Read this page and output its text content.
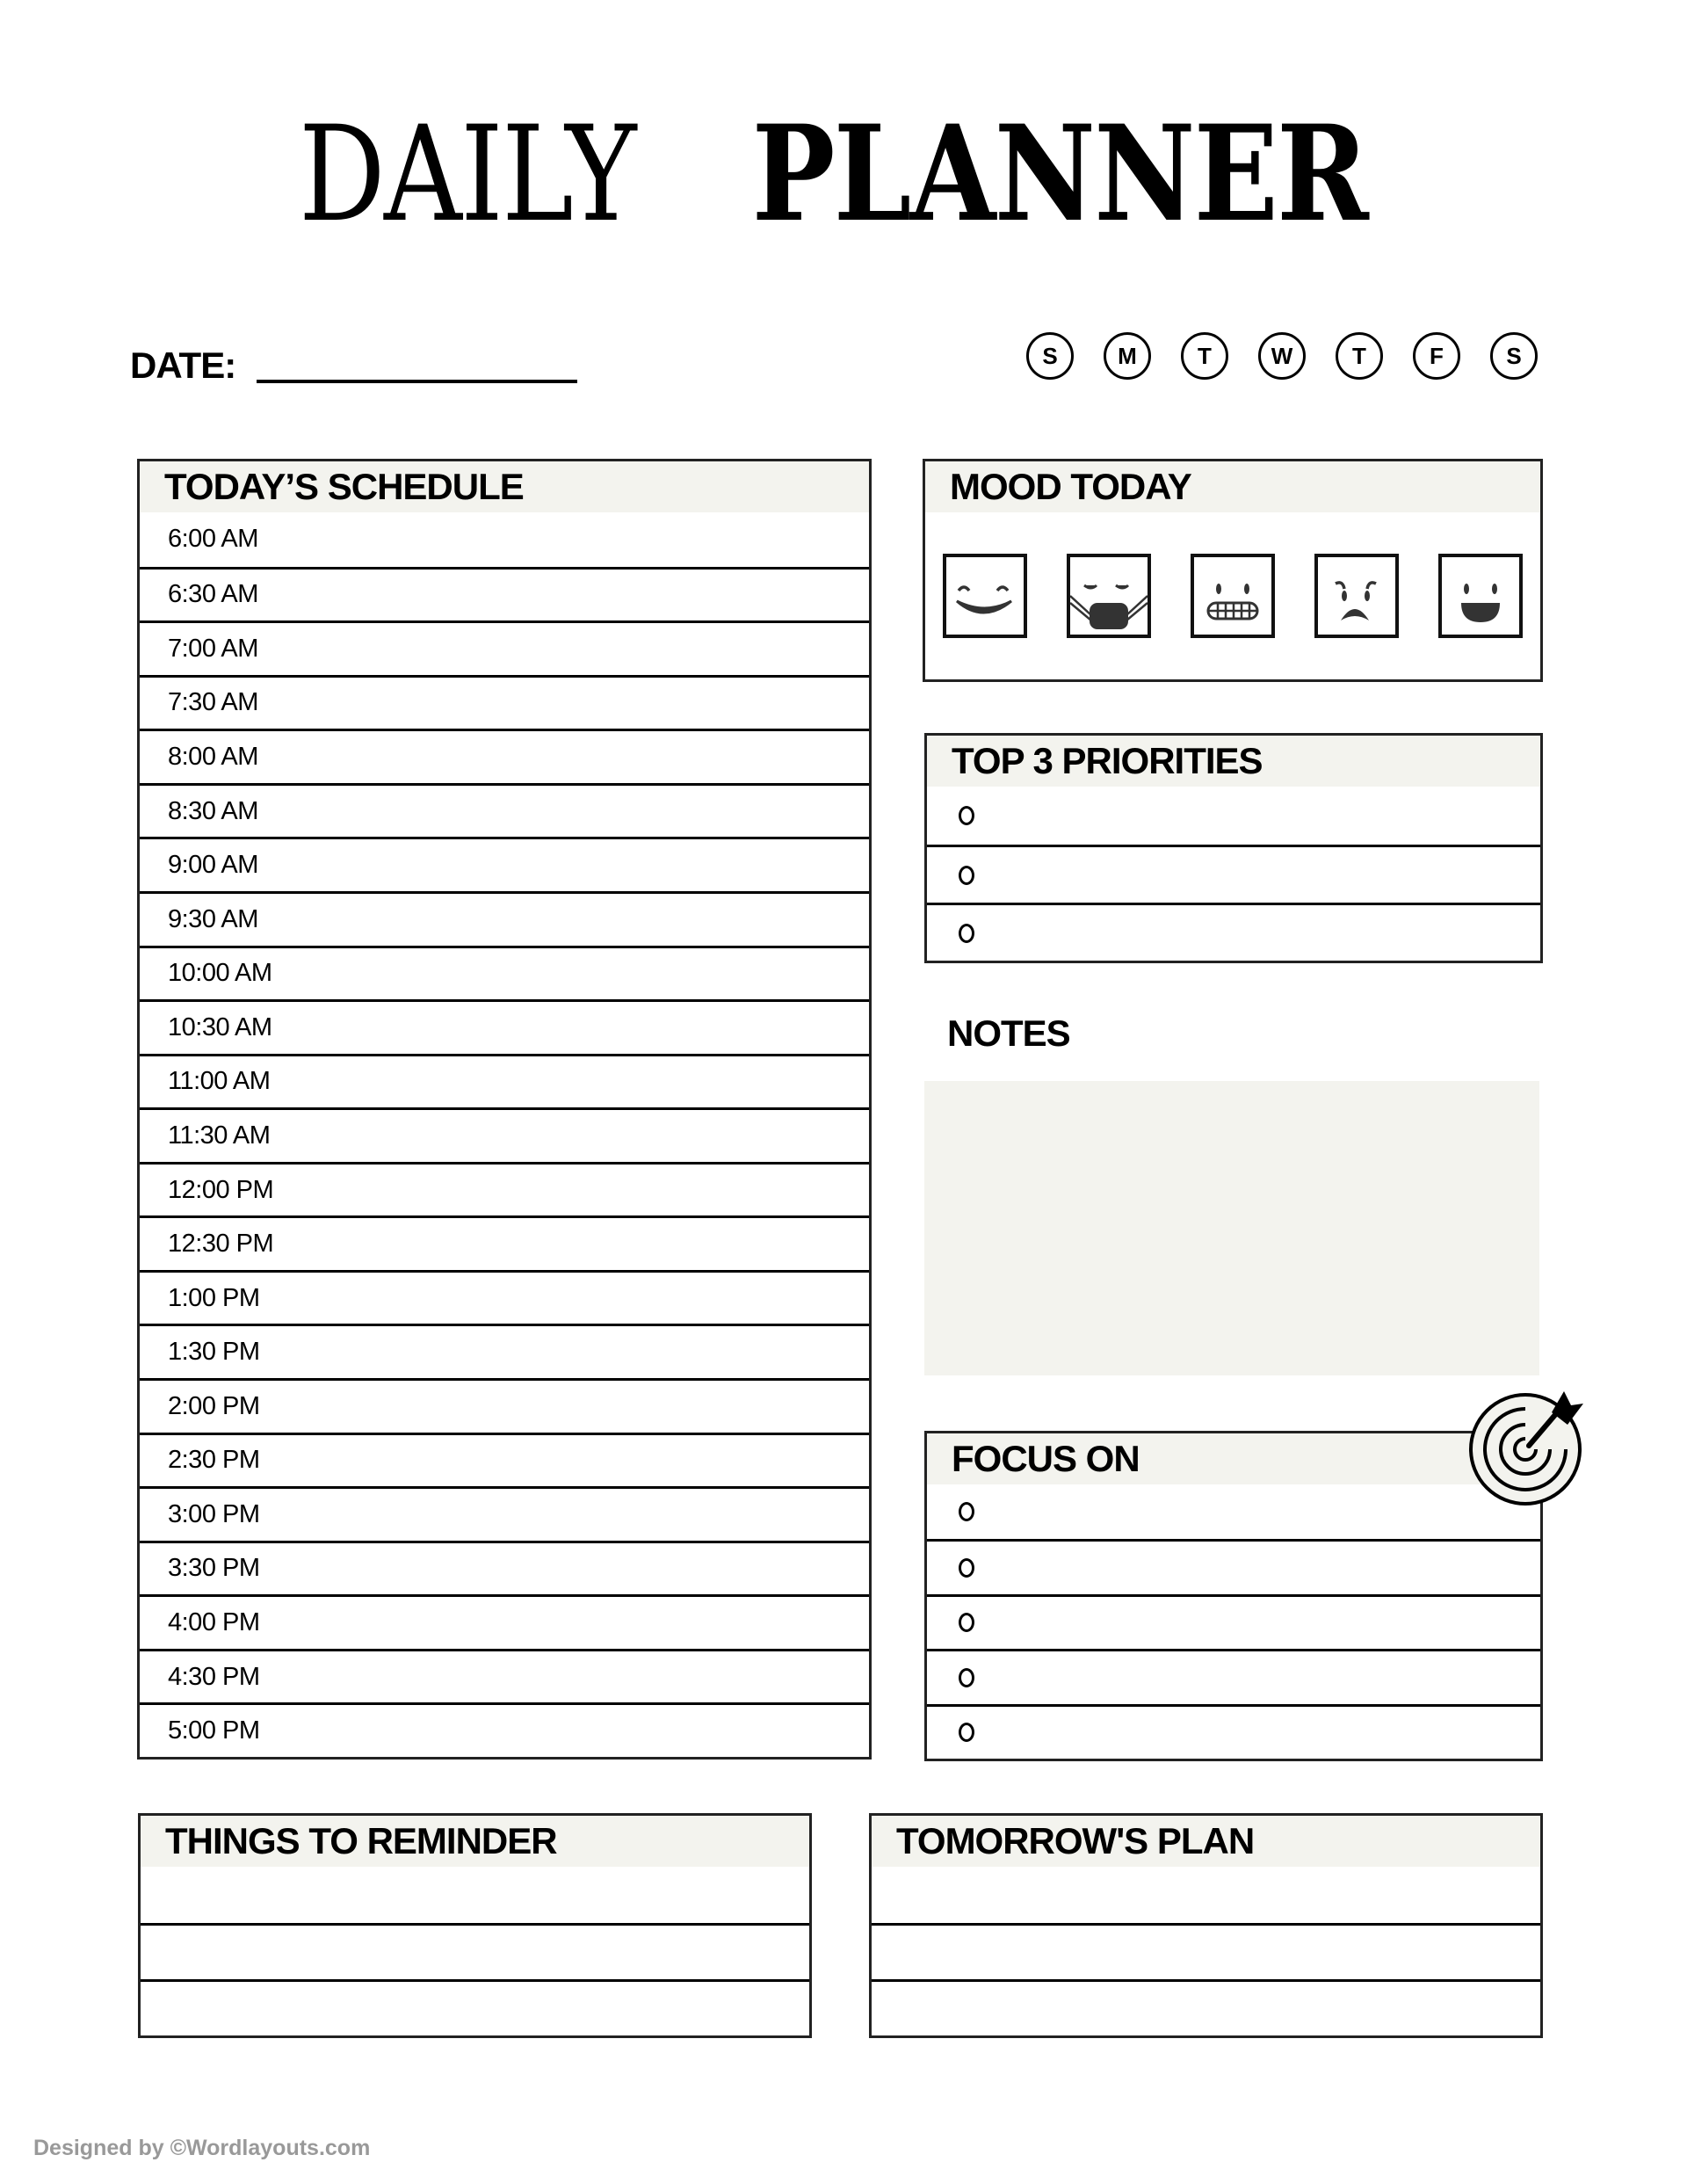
DAILY PLANNER
DATE:	S	M	T	W	T	F	S
TODAY’S SCHEDULE
6:00 AM
6:30 AM
7:00 AM
7:30 AM
8:00 AM
8:30 AM
9:00 AM
9:30 AM
10:00 AM
10:30 AM
11:00 AM
11:30 AM
12:00 PM
12:30 PM
1:00 PM
1:30 PM
2:00 PM
2:30 PM
3:00 PM
3:30 PM
4:00 PM
4:30 PM
5:00 PM
MOOD TODAY
TOP 3 PRIORITIES
NOTES
FOCUS ON
THINGS TO REMINDER	TOMORROW'S PLAN
Designed by ©Wordlayouts.com
